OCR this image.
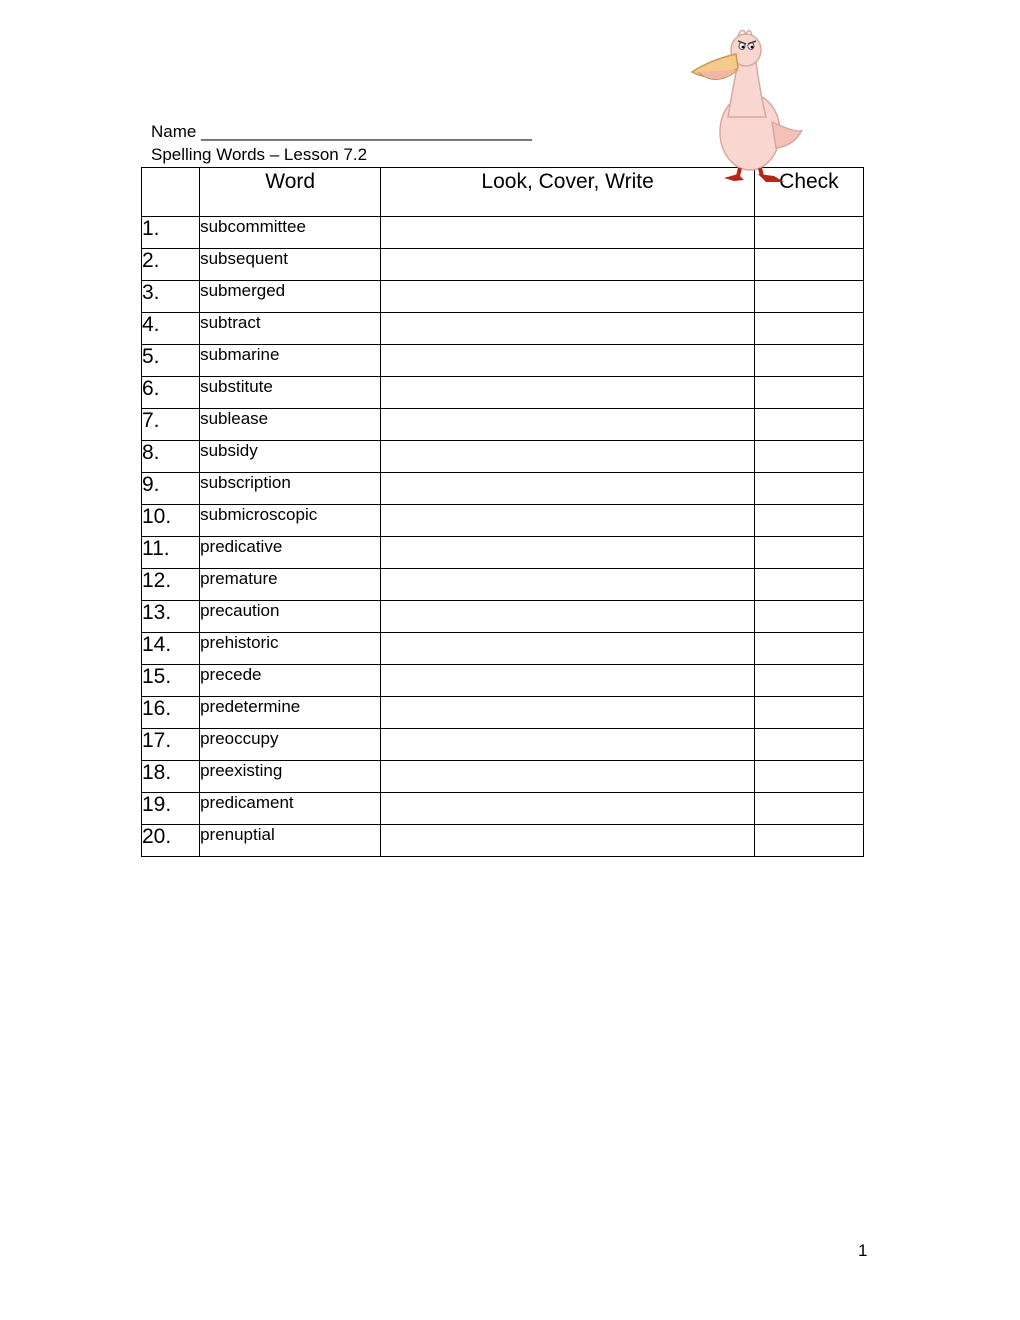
Name ___________________________________
Spelling Words – Lesson 7.2
	Word	Look, Cover, Write	Check
1.	subcommittee		
2.	subsequent		
3.	submerged		
4.	subtract		
5.	submarine		
6.	substitute		
7.	sublease		
8.	subsidy		
9.	subscription		
10.	submicroscopic		
11.	predicative		
12.	premature		
13.	precaution		
14.	prehistoric		
15.	precede		
16.	predetermine		
17.	preoccupy		
18.	preexisting		
19.	predicament		
20.	prenuptial		
1
